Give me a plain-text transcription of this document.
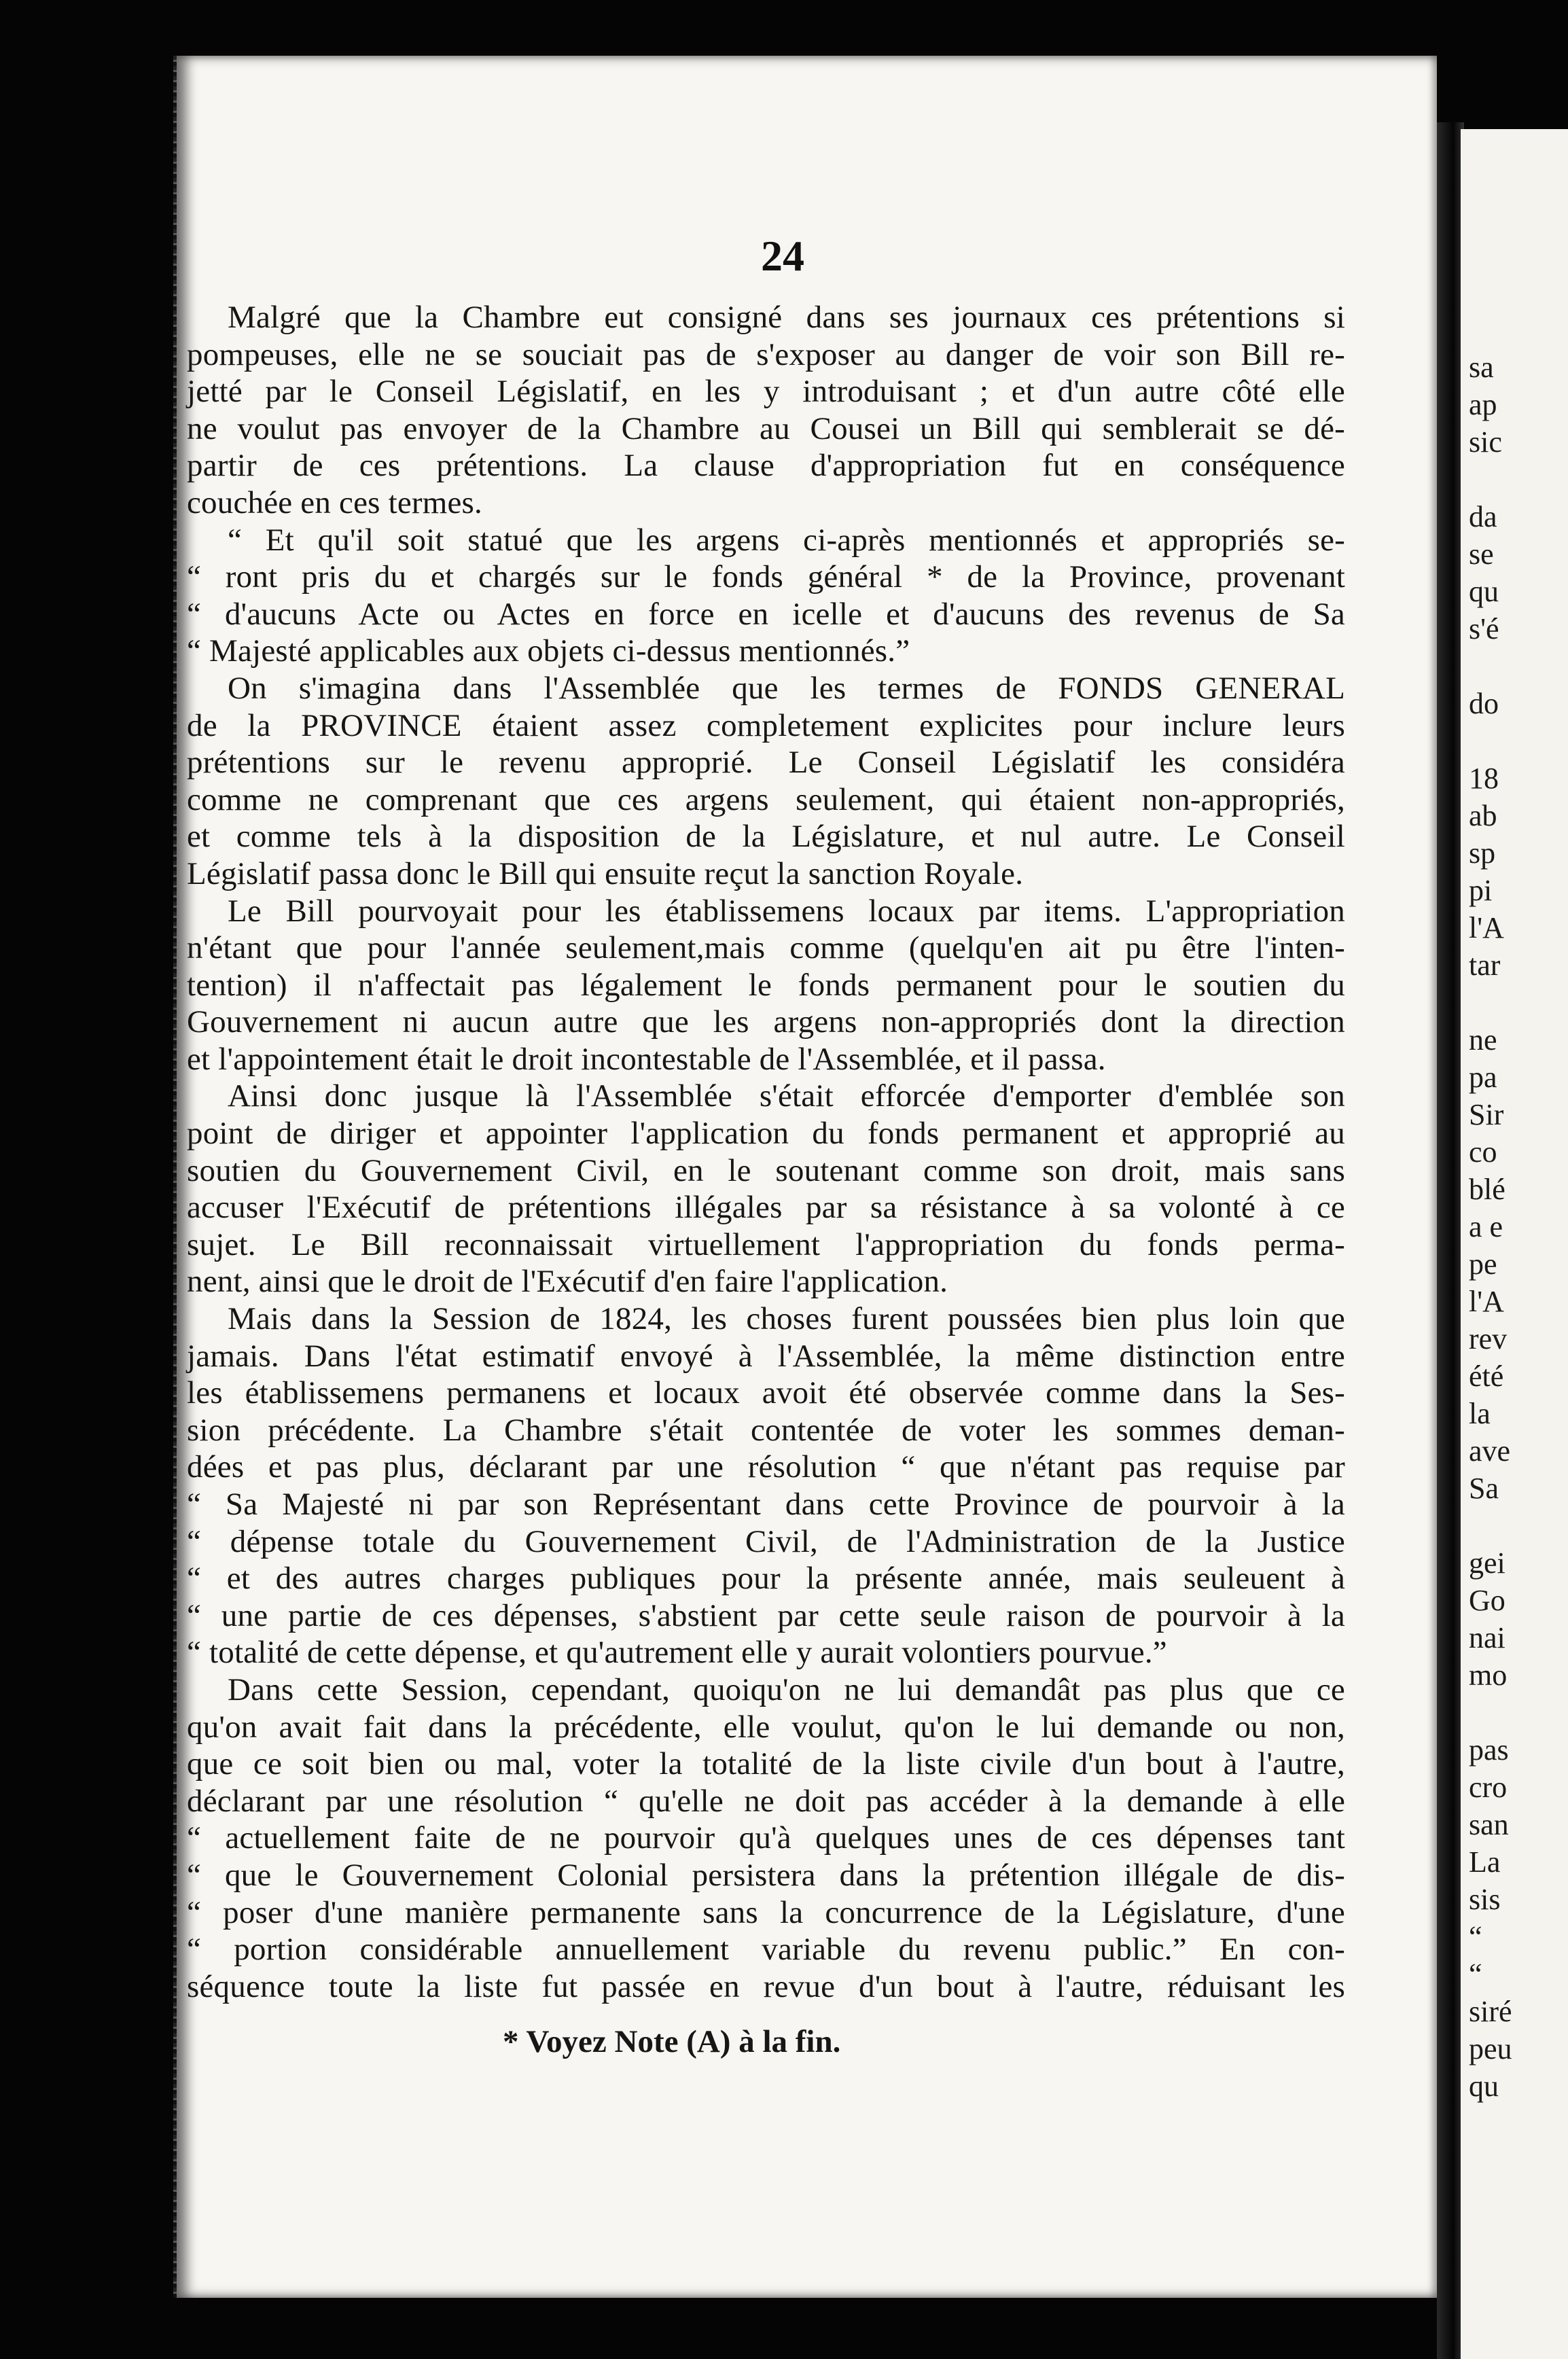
sa
ap
sic
da
se
qu
s'é
do
18
ab
sp
pi
l'A
tar
ne
pa
Sir
co
blé
a e
pe
l'A
rev
été
la
ave
Sa
gei
Go
nai
mo
pas
cro
san
La
sis
“
“
siré
peu
qu
24
Malgré que la Chambre eut consigné dans ses journaux ces prétentions si
pompeuses, elle ne se souciait pas de s'exposer au danger de voir son Bill re-
jetté par le Conseil Législatif, en les y introduisant ; et d'un autre côté elle
ne voulut pas envoyer de la Chambre au Cousei un Bill qui semblerait se dé-
partir de ces prétentions. La clause d'appropriation fut en conséquence
couchée en ces termes.
“ Et qu'il soit statué que les argens ci-après mentionnés et appropriés se-
“ ront pris du et chargés sur le fonds général * de la Province, provenant
“ d'aucuns Acte ou Actes en force en icelle et d'aucuns des revenus de Sa
“ Majesté applicables aux objets ci-dessus mentionnés.”
On s'imagina dans l'Assemblée que les termes de FONDS GENERAL
de la PROVINCE étaient assez completement explicites pour inclure leurs
prétentions sur le revenu approprié. Le Conseil Législatif les considéra
comme ne comprenant que ces argens seulement, qui étaient non-appropriés,
et comme tels à la disposition de la Législature, et nul autre. Le Conseil
Législatif passa donc le Bill qui ensuite reçut la sanction Royale.
Le Bill pourvoyait pour les établissemens locaux par items. L'appropriation
n'étant que pour l'année seulement,mais comme (quelqu'en ait pu être l'inten-
tention) il n'affectait pas légalement le fonds permanent pour le soutien du
Gouvernement ni aucun autre que les argens non-appropriés dont la direction
et l'appointement était le droit incontestable de l'Assemblée, et il passa.
Ainsi donc jusque là l'Assemblée s'était efforcée d'emporter d'emblée son
point de diriger et appointer l'application du fonds permanent et approprié au
soutien du Gouvernement Civil, en le soutenant comme son droit, mais sans
accuser l'Exécutif de prétentions illégales par sa résistance à sa volonté à ce
sujet. Le Bill reconnaissait virtuellement l'appropriation du fonds perma-
nent, ainsi que le droit de l'Exécutif d'en faire l'application.
Mais dans la Session de 1824, les choses furent poussées bien plus loin que
jamais. Dans l'état estimatif envoyé à l'Assemblée, la même distinction entre
les établissemens permanens et locaux avoit été observée comme dans la Ses-
sion précédente. La Chambre s'était contentée de voter les sommes deman-
dées et pas plus, déclarant par une résolution “ que n'étant pas requise par
“ Sa Majesté ni par son Représentant dans cette Province de pourvoir à la
“ dépense totale du Gouvernement Civil, de l'Administration de la Justice
“ et des autres charges publiques pour la présente année, mais seuleuent à
“ une partie de ces dépenses, s'abstient par cette seule raison de pourvoir à la
“ totalité de cette dépense, et qu'autrement elle y aurait volontiers pourvue.”
Dans cette Session, cependant, quoiqu'on ne lui demandât pas plus que ce
qu'on avait fait dans la précédente, elle voulut, qu'on le lui demande ou non,
que ce soit bien ou mal, voter la totalité de la liste civile d'un bout à l'autre,
déclarant par une résolution “ qu'elle ne doit pas accéder à la demande à elle
“ actuellement faite de ne pourvoir qu'à quelques unes de ces dépenses tant
“ que le Gouvernement Colonial persistera dans la prétention illégale de dis-
“ poser d'une manière permanente sans la concurrence de la Législature, d'une
“ portion considérable annuellement variable du revenu public.” En con-
séquence toute la liste fut passée en revue d'un bout à l'autre, réduisant les
* Voyez Note (A) à la fin.
